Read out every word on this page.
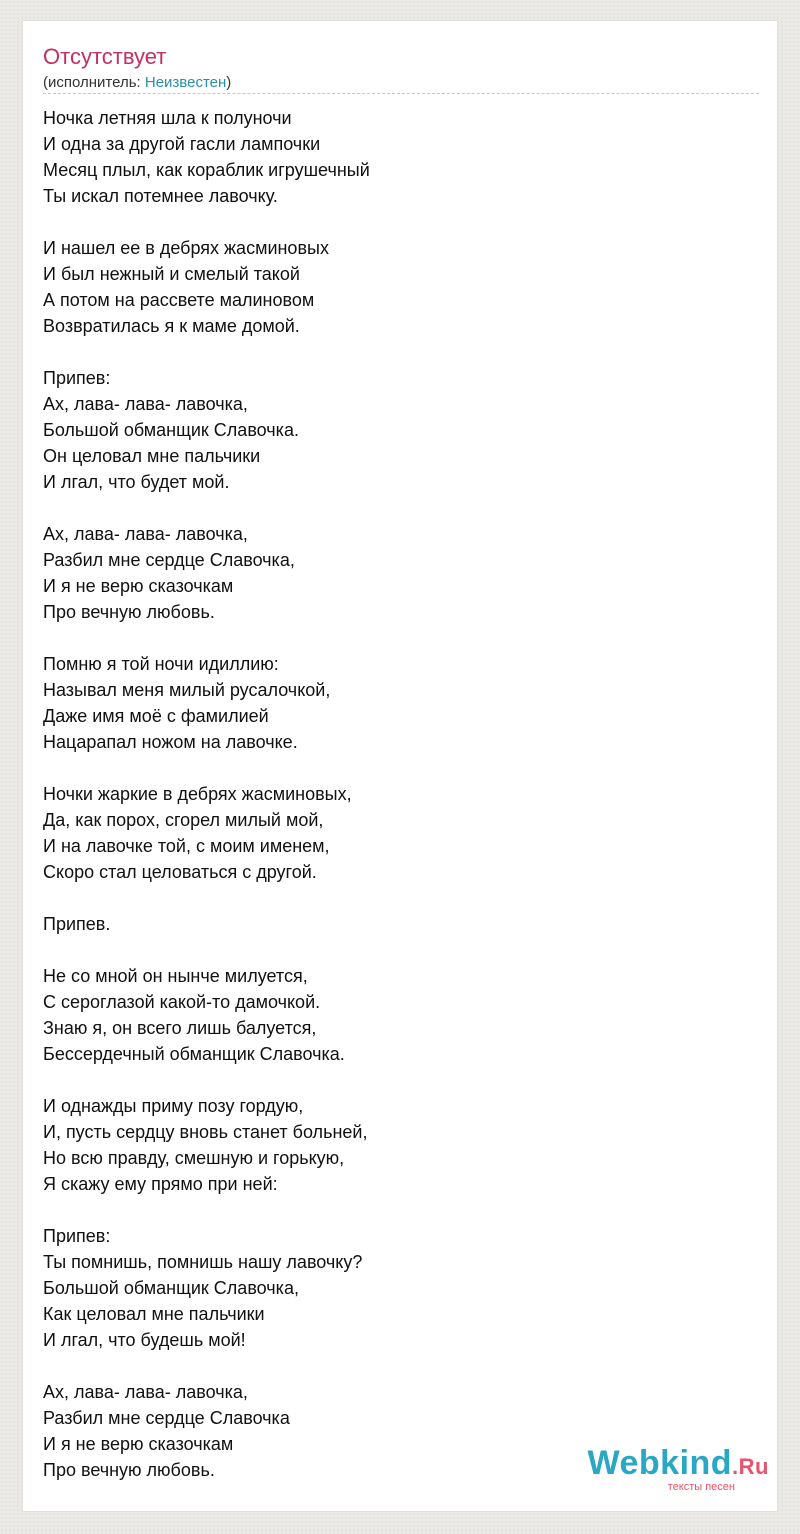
Отсутствует
(исполнитель: Неизвестен)
Ночка летняя шла к полуночи
И одна за другой гасли лампочки
Месяц плыл, как кораблик игрушечный
Ты искал потемнее лавочку.
И нашел ее в дебрях жасминовых
И был нежный и смелый такой
А потом на рассвете малиновом
Возвратилась я к маме домой.
Припев:
Ах, лава- лава- лавочка,
Большой обманщик Славочка.
Он целовал мне пальчики
И лгал, что будет мой.
Ах, лава- лава- лавочка,
Разбил мне сердце Славочка,
И я не верю сказочкам
Про вечную любовь.
Помню я той ночи идиллию:
Называл меня милый русалочкой,
Даже имя моё с фамилией
Нацарапал ножом на лавочке.
Ночки жаркие в дебрях жасминовых,
Да, как порох, сгорел милый мой,
И на лавочке той, с моим именем,
Скоро стал целоваться с другой.
Припев.
Не со мной он нынче милуется,
С сероглазой какой-то дамочкой.
Знаю я, он всего лишь балуется,
Бессердечный обманщик Славочка.
И однажды приму позу гордую,
И, пусть сердцу вновь станет больней,
Но всю правду, смешную и горькую,
Я скажу ему прямо при ней:
Припев:
Ты помнишь, помнишь нашу лавочку?
Большой обманщик Славочка,
Как целовал мне пальчики
И лгал, что будешь мой!
Ах, лава- лава- лавочка,
Разбил мне сердце Славочка
И я не верю сказочкам
Про вечную любовь.	Webkind.Ru
тексты песен
